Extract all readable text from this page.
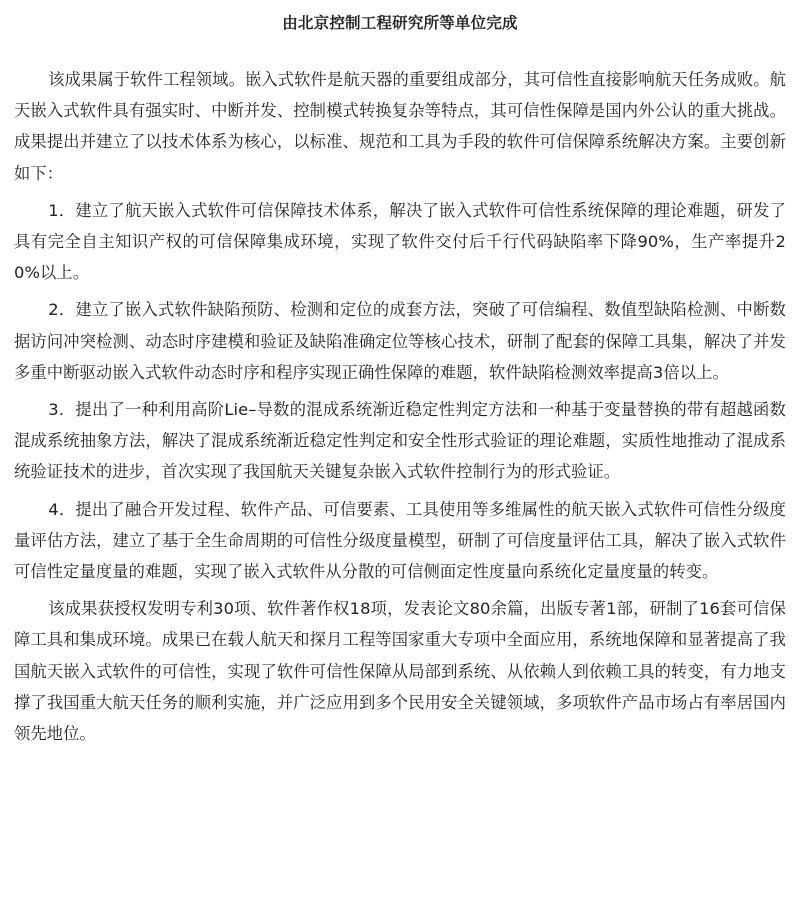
由北京控制工程研究所等单位完成

该成果属于软件工程领域。嵌入式软件是航天器的重要组成部分，其可信性直接影响航天任务成败。航天嵌入式软件具有强实时、中断并发、控制模式转换复杂等特点，其可信性保障是国内外公认的重大挑战。成果提出并建立了以技术体系为核心，以标准、规范和工具为手段的软件可信保障系统解决方案。主要创新如下：

1．建立了航天嵌入式软件可信保障技术体系，解决了嵌入式软件可信性系统保障的理论难题，研发了具有完全自主知识产权的可信保障集成环境，实现了软件交付后千行代码缺陷率下降90%，生产率提升20%以上。

2．建立了嵌入式软件缺陷预防、检测和定位的成套方法，突破了可信编程、数值型缺陷检测、中断数据访问冲突检测、动态时序建模和验证及缺陷准确定位等核心技术，研制了配套的保障工具集，解决了并发多重中断驱动嵌入式软件动态时序和程序实现正确性保障的难题，软件缺陷检测效率提高3倍以上。

3．提出了一种利用高阶Lie–导数的混成系统渐近稳定性判定方法和一种基于变量替换的带有超越函数混成系统抽象方法，解决了混成系统渐近稳定性判定和安全性形式验证的理论难题，实质性地推动了混成系统验证技术的进步，首次实现了我国航天关键复杂嵌入式软件控制行为的形式验证。

4．提出了融合开发过程、软件产品、可信要素、工具使用等多维属性的航天嵌入式软件可信性分级度量评估方法，建立了基于全生命周期的可信性分级度量模型，研制了可信度量评估工具，解决了嵌入式软件可信性定量度量的难题，实现了嵌入式软件从分散的可信侧面定性度量向系统化定量度量的转变。

该成果获授权发明专利30项、软件著作权18项，发表论文80余篇，出版专著1部，研制了16套可信保障工具和集成环境。成果已在载人航天和探月工程等国家重大专项中全面应用，系统地保障和显著提高了我国航天嵌入式软件的可信性，实现了软件可信性保障从局部到系统、从依赖人到依赖工具的转变，有力地支撑了我国重大航天任务的顺利实施，并广泛应用到多个民用安全关键领域，多项软件产品市场占有率居国内领先地位。
